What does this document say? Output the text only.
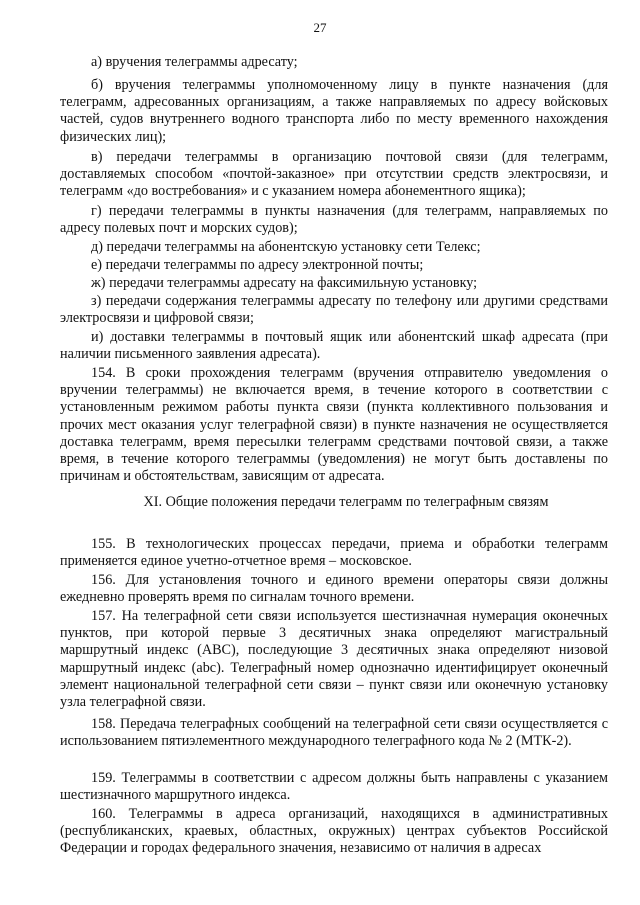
27

а) вручения телеграммы адресату;

б) вручения телеграммы уполномоченному лицу в пункте назначения (для телеграмм, адресованных организациям, а также направляемых по адресу войсковых частей, судов внутреннего водного транспорта либо по месту временного нахождения физических лиц);

в) передачи телеграммы в организацию почтовой связи (для телеграмм, доставляемых способом «почтой-заказное» при отсутствии средств электросвязи, и телеграмм «до востребования» и с указанием номера абонементного ящика);

г) передачи телеграммы в пункты назначения (для телеграмм, направляемых по адресу полевых почт и морских судов);

д) передачи телеграммы на абонентскую установку сети Телекс;

е) передачи телеграммы по адресу электронной почты;

ж) передачи телеграммы адресату на факсимильную установку;

з) передачи содержания телеграммы адресату по телефону или другими средствами электросвязи и цифровой связи;

и) доставки телеграммы в почтовый ящик или абонентский шкаф адресата (при наличии письменного заявления адресата).

154. В сроки прохождения телеграмм (вручения отправителю уведомления о вручении телеграммы) не включается время, в течение которого в соответствии с установленным режимом работы пункта связи (пункта коллективного пользования и прочих мест оказания услуг телеграфной связи) в пункте назначения не осуществляется доставка телеграмм, время пересылки телеграмм средствами почтовой связи, а также время, в течение которого телеграммы (уведомления) не могут быть доставлены по причинам и обстоятельствам, зависящим от адресата.

XI. Общие положения передачи телеграмм по телеграфным связям

155. В технологических процессах передачи, приема и обработки телеграмм применяется единое учетно-отчетное время – московское.

156. Для установления точного и единого времени операторы связи должны ежедневно проверять время по сигналам точного времени.

157. На телеграфной сети связи используется шестизначная нумерация оконечных пунктов, при которой первые 3 десятичных знака определяют магистральный маршрутный индекс (АВС), последующие 3 десятичных знака определяют низовой маршрутный индекс (abc). Телеграфный номер однозначно идентифицирует оконечный элемент национальной телеграфной сети связи – пункт связи или оконечную установку узла телеграфной связи.

158. Передача телеграфных сообщений на телеграфной сети связи осуществляется с использованием пятиэлементного международного телеграфного кода № 2 (МТК-2).

159. Телеграммы в соответствии с адресом должны быть направлены с указанием шестизначного маршрутного индекса.

160. Телеграммы в адреса организаций, находящихся в административных (республиканских, краевых, областных, окружных) центрах субъектов Российской Федерации и городах федерального значения, независимо от наличия в адресах
